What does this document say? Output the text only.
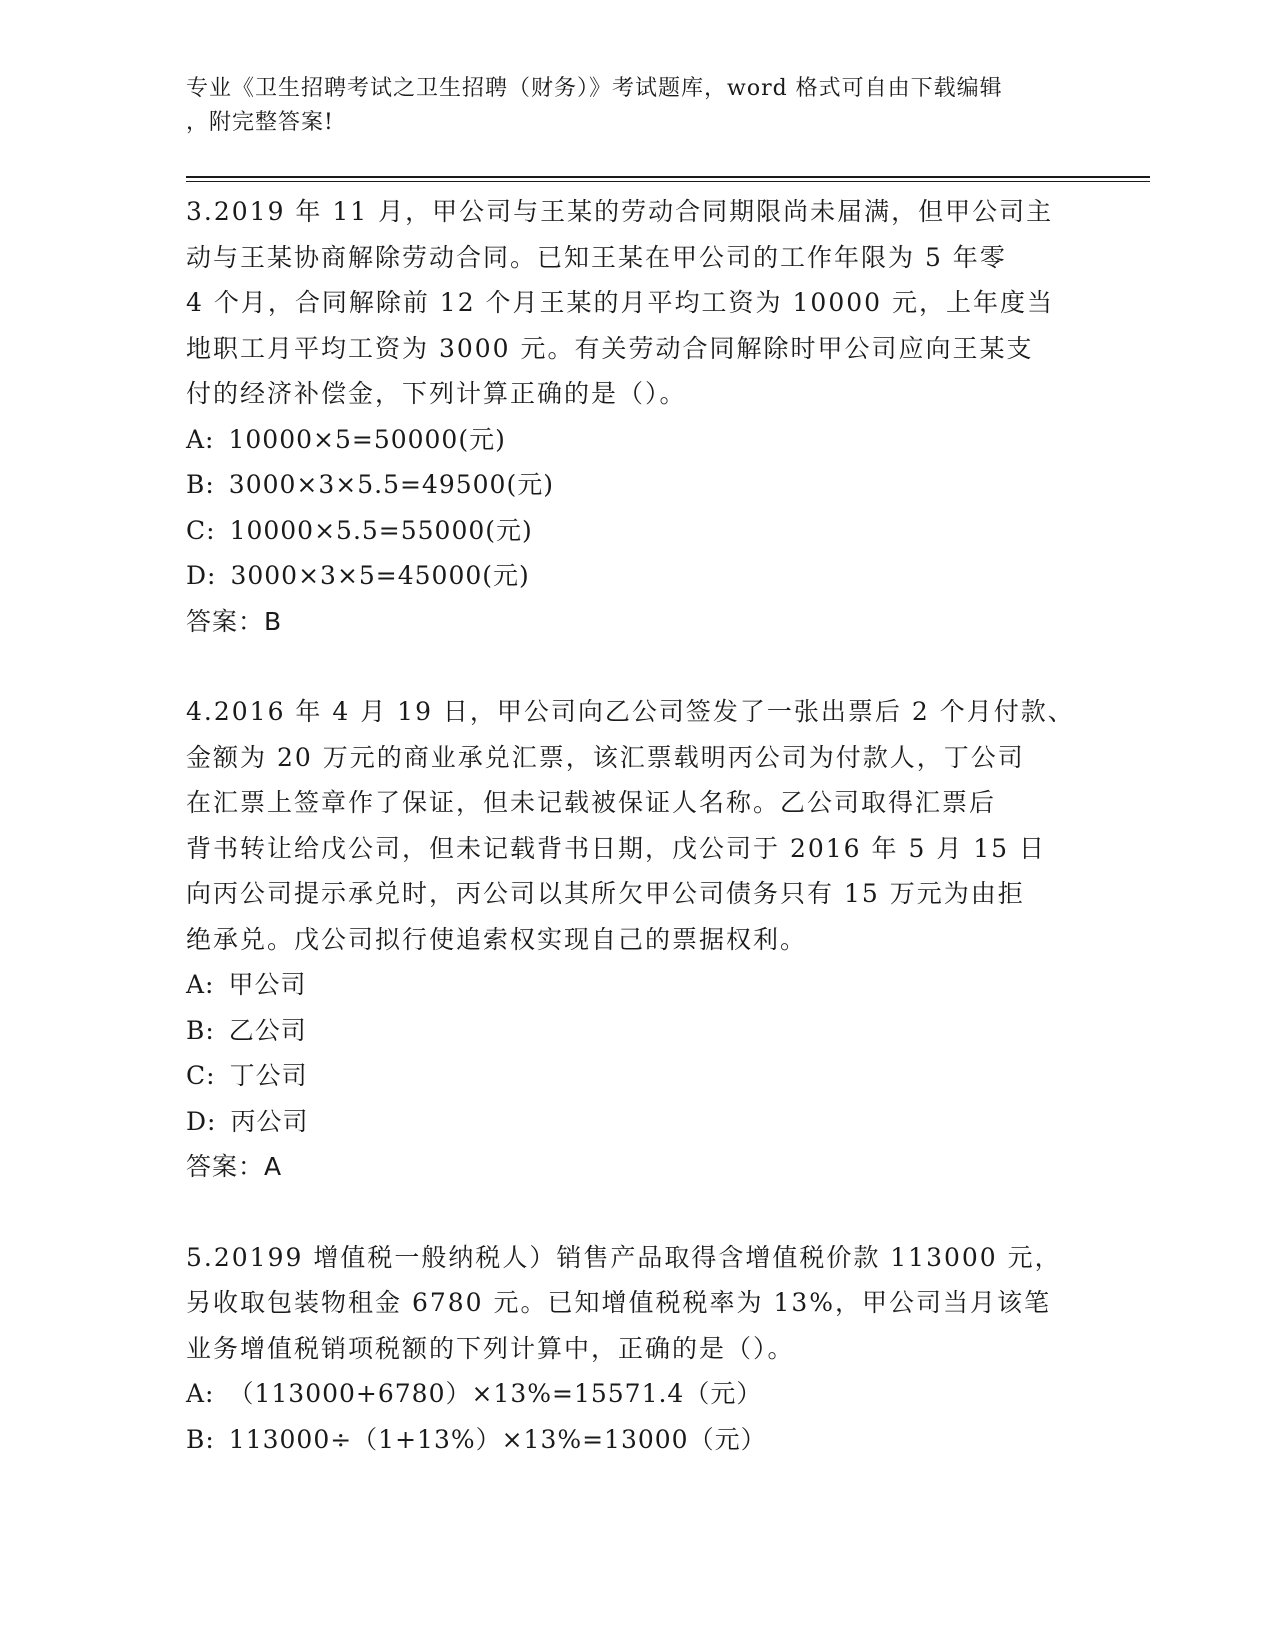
专业《卫生招聘考试之卫生招聘（财务）》考试题库，word 格式可自由下载编辑
，附完整答案!
3.2019 年 11 月，甲公司与王某的劳动合同期限尚未届满，但甲公司主
动与王某协商解除劳动合同。已知王某在甲公司的工作年限为 5 年零
4 个月，合同解除前 12 个月王某的月平均工资为 10000 元，上年度当
地职工月平均工资为 3000 元。有关劳动合同解除时甲公司应向王某支
付的经济补偿金，下列计算正确的是（）。
A: 10000×5=50000(元)
B: 3000×3×5.5=49500(元)
C: 10000×5.5=55000(元)
D: 3000×3×5=45000(元)
答案：B
4.2016 年 4 月 19 日，甲公司向乙公司签发了一张出票后 2 个月付款、
金额为 20 万元的商业承兑汇票，该汇票载明丙公司为付款人，丁公司
在汇票上签章作了保证，但未记载被保证人名称。乙公司取得汇票后
背书转让给戊公司，但未记载背书日期，戊公司于 2016 年 5 月 15 日
向丙公司提示承兑时，丙公司以其所欠甲公司债务只有 15 万元为由拒
绝承兑。戊公司拟行使追索权实现自己的票据权利。
A: 甲公司
B: 乙公司
C: 丁公司
D: 丙公司
答案：A
5.20199 增值税一般纳税人）销售产品取得含增值税价款 113000 元，
另收取包装物租金 6780 元。已知增值税税率为 13%，甲公司当月该笔
业务增值税销项税额的下列计算中，正确的是（）。
A: （113000+6780）×13%=15571.4（元）
B: 113000÷（1+13%）×13%=13000（元）
